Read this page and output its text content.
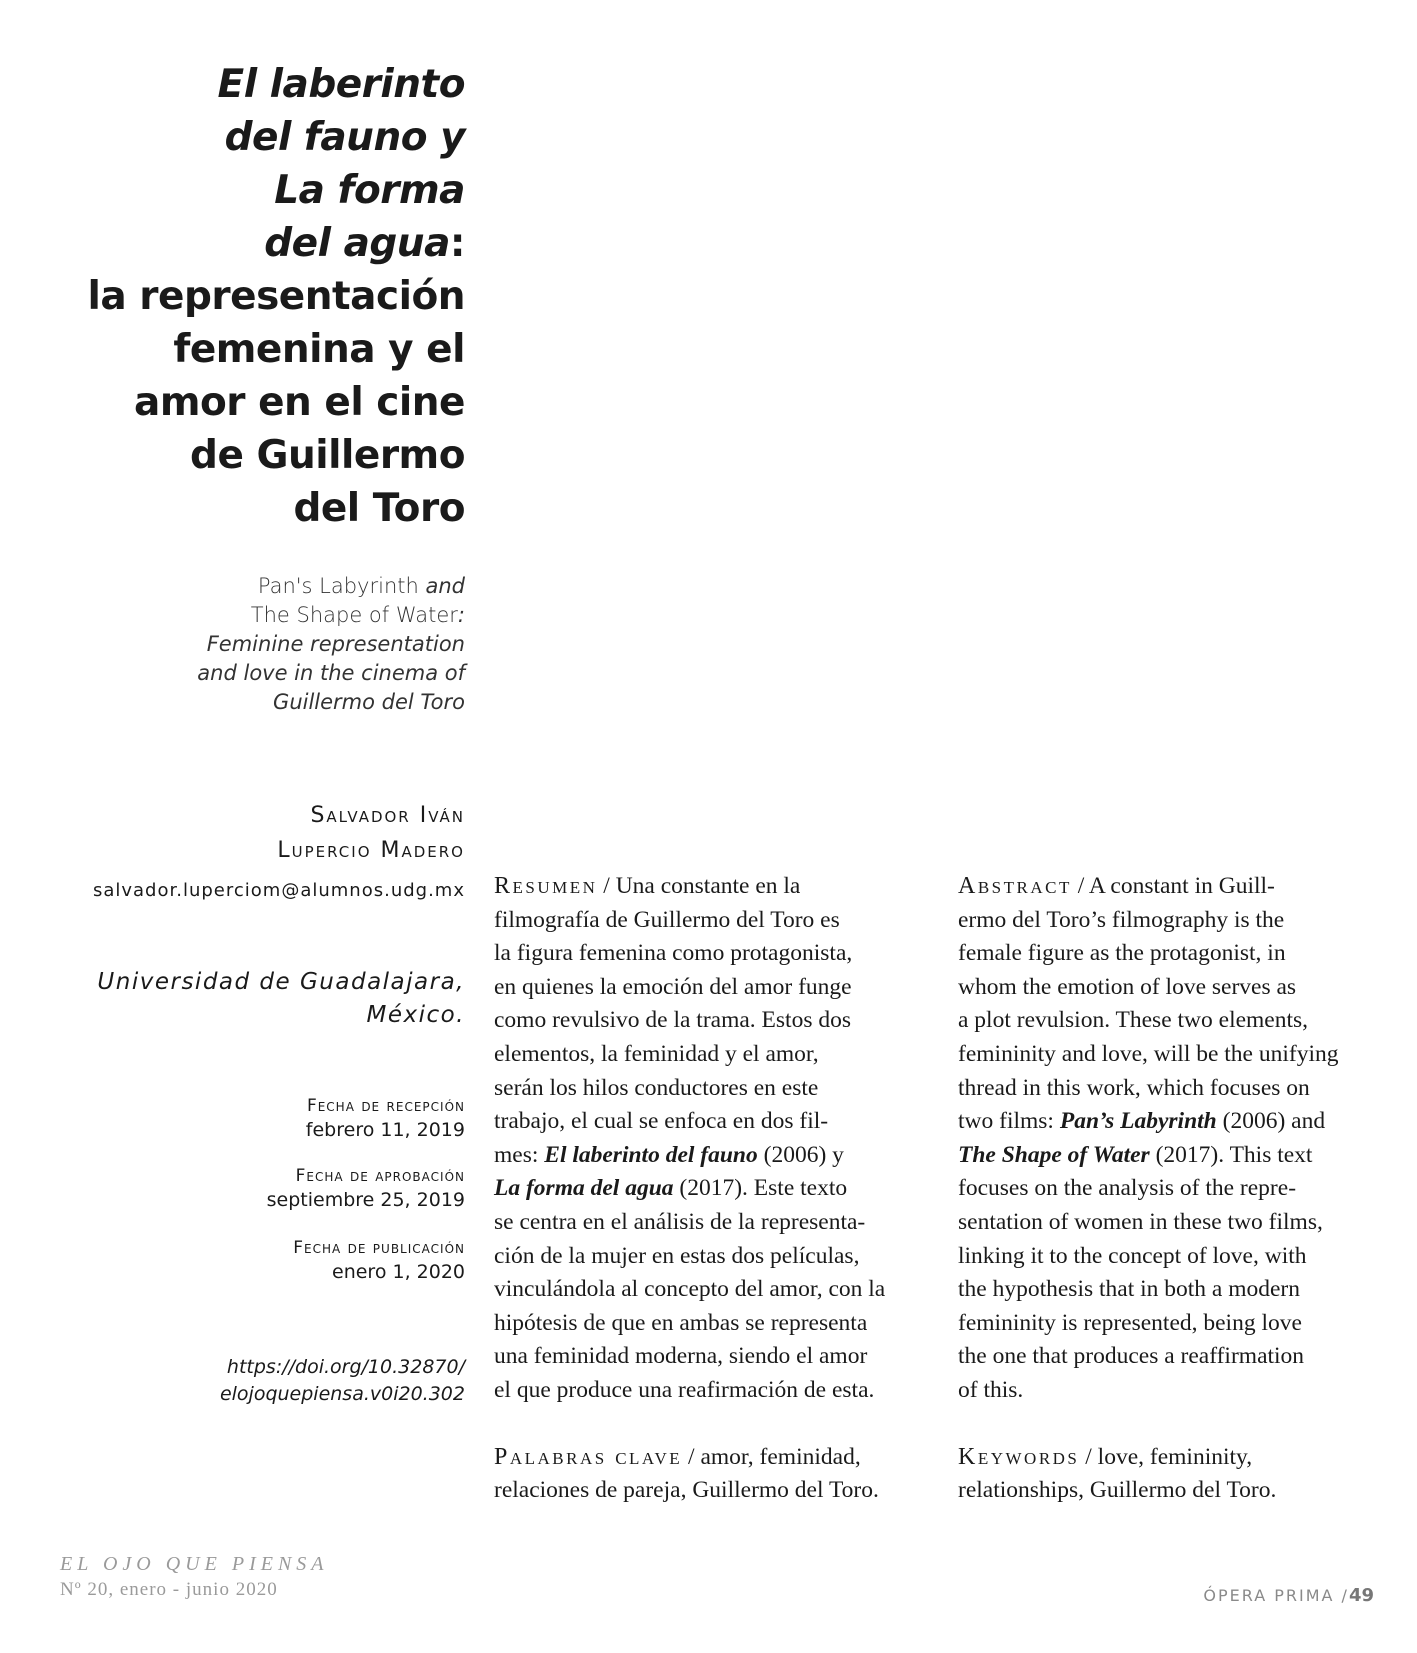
El laberinto
del fauno y
La forma
del agua:
la representación
femenina y el
amor en el cine
de Guillermo
del Toro
Pan's Labyrinth and
The Shape of Water:
Feminine representation
and love in the cinema of
Guillermo del Toro
Salvador Iván
Lupercio Madero
salvador.luperciom@alumnos.udg.mx
Universidad de Guadalajara,
México.
Fecha de recepción
febrero 11, 2019
Fecha de aprobación
septiembre 25, 2019
Fecha de publicación
enero 1, 2020
https://doi.org/10.32870/
elojoquepiensa.v0i20.302
Resumen / Una constante en la
filmografía de Guillermo del Toro es
la figura femenina como protagonista,
en quienes la emoción del amor funge
como revulsivo de la trama. Estos dos
elementos, la feminidad y el amor,
serán los hilos conductores en este
trabajo, el cual se enfoca en dos fil-
mes: El laberinto del fauno (2006) y
La forma del agua (2017). Este texto
se centra en el análisis de la representa-
ción de la mujer en estas dos películas,
vinculándola al concepto del amor, con la
hipótesis de que en ambas se representa
una feminidad moderna, siendo el amor
el que produce una reafirmación de esta.
Palabras clave / amor, feminidad,
relaciones de pareja, Guillermo del Toro.
Abstract / A constant in Guill-
ermo del Toro’s filmography is the
female figure as the protagonist, in
whom the emotion of love serves as
a plot revulsion. These two elements,
femininity and love, will be the unifying
thread in this work, which focuses on
two films: Pan’s Labyrinth (2006) and
The Shape of Water (2017). This text
focuses on the analysis of the repre-
sentation of women in these two films,
linking it to the concept of love, with
the hypothesis that in both a modern
femininity is represented, being love
the one that produces a reaffirmation
of this.
Keywords / love, femininity,
relationships, Guillermo del Toro.
EL OJO QUE PIENSA
Nº 20, enero - junio 2020	ÓPERA PRIMA /49
